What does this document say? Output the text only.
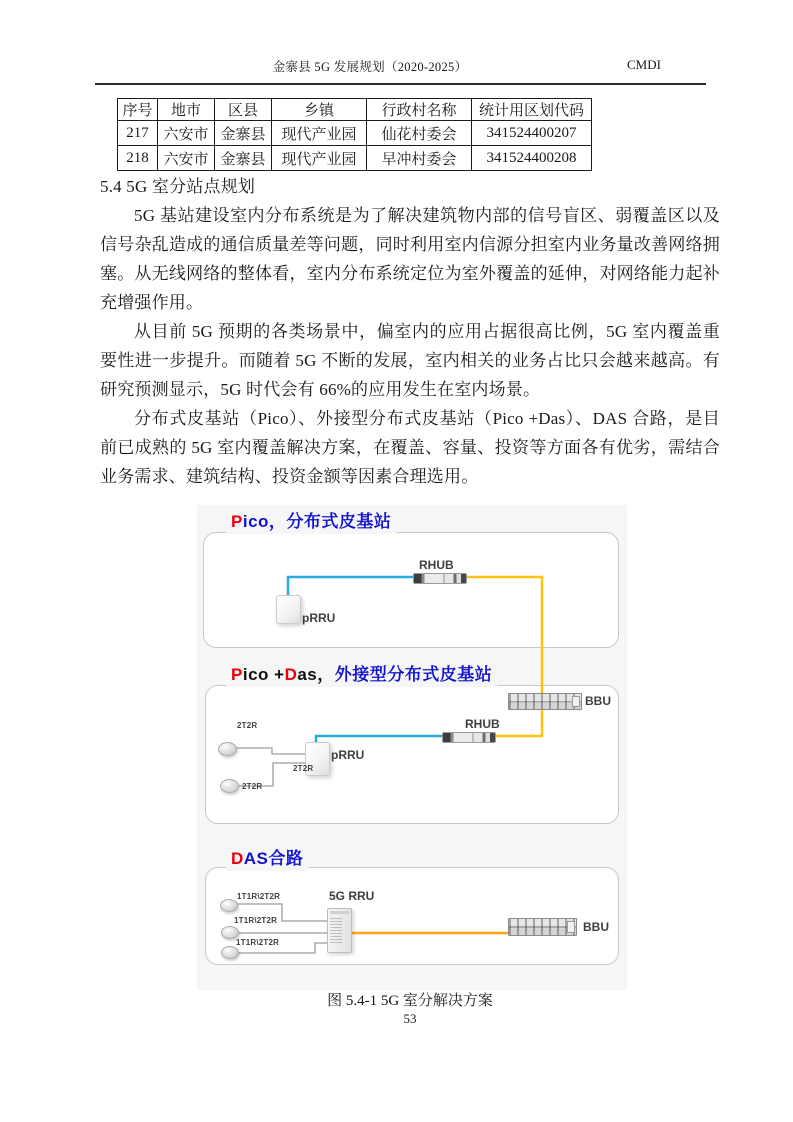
金寨县 5G 发展规划（2020-2025）	CMDI
序号	地市	区县	乡镇	行政村名称	统计用区划代码
217	六安市	金寨县	现代产业园	仙花村委会	341524400207
218	六安市	金寨县	现代产业园	早冲村委会	341524400208
5.4 5G 室分站点规划

5G 基站建设室内分布系统是为了解决建筑物内部的信号盲区、弱覆盖区以及信号杂乱造成的通信质量差等问题，同时利用室内信源分担室内业务量改善网络拥塞。从无线网络的整体看，室内分布系统定位为室外覆盖的延伸，对网络能力起补充增强作用。

从目前 5G 预期的各类场景中，偏室内的应用占据很高比例，5G 室内覆盖重要性进一步提升。而随着 5G 不断的发展，室内相关的业务占比只会越来越高。有研究预测显示，5G 时代会有 66%的应用发生在室内场景。

分布式皮基站（Pico）、外接型分布式皮基站（Pico +Das）、DAS 合路，是目前已成熟的 5G 室内覆盖解决方案，在覆盖、容量、投资等方面各有优劣，需结合业务需求、建筑结构、投资金额等因素合理选用。

Pico，分布式皮基站
pRRU
RHUB
Pico +Das，外接型分布式皮基站
BBU
RHUB
pRRU
2T2R
2T2R
2T2R
DAS合路
5G RRU
BBU
1T1R\2T2R
1T1R\2T2R
1T1R\2T2R
图 5.4-1 5G 室分解决方案
53
